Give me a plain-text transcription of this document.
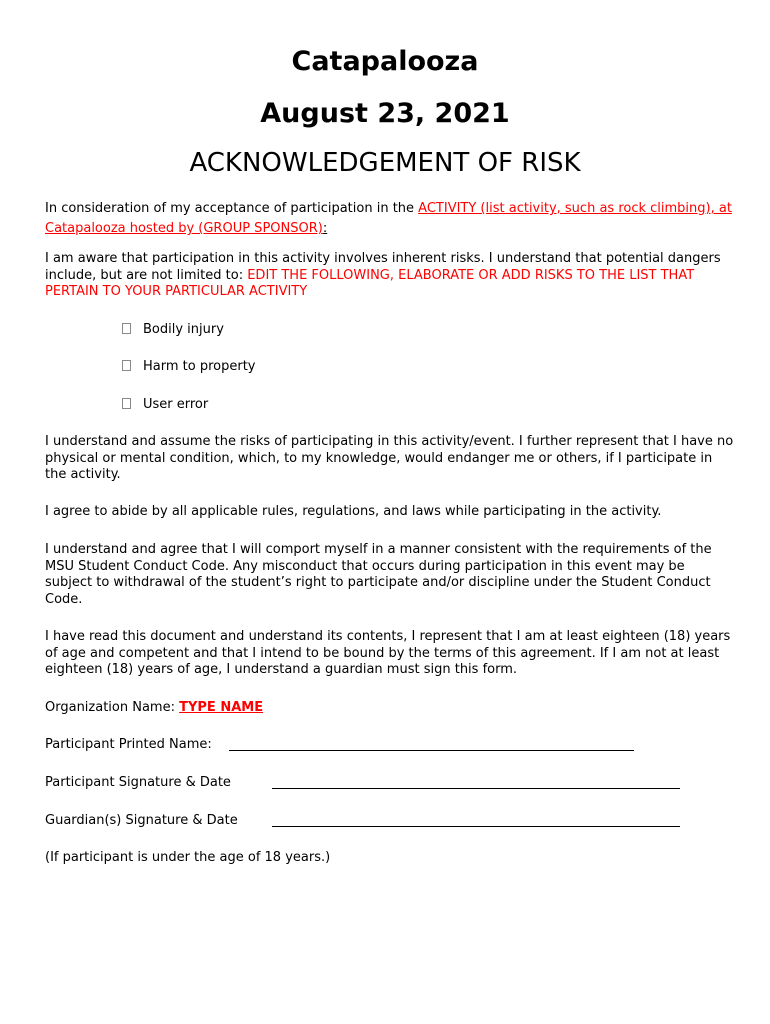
Catapalooza
August 23, 2021
ACKNOWLEDGEMENT OF RISK
In consideration of my acceptance of participation in the ACTIVITY (list activity, such as rock climbing), at Catapalooza hosted by (GROUP SPONSOR):
I am aware that participation in this activity involves inherent risks. I understand that potential dangers include, but are not limited to: EDIT THE FOLLOWING, ELABORATE OR ADD RISKS TO THE LIST THAT PERTAIN TO YOUR PARTICULAR ACTIVITY
Bodily injury
Harm to property
User error
I understand and assume the risks of participating in this activity/event. I further represent that I have no physical or mental condition, which, to my knowledge, would endanger me or others, if I participate in the activity.
I agree to abide by all applicable rules, regulations, and laws while participating in the activity.
I understand and agree that I will comport myself in a manner consistent with the requirements of the MSU Student Conduct Code. Any misconduct that occurs during participation in this event may be subject to withdrawal of the student’s right to participate and/or discipline under the Student Conduct Code.
I have read this document and understand its contents, I represent that I am at least eighteen (18) years of age and competent and that I intend to be bound by the terms of this agreement. If I am not at least eighteen (18) years of age, I understand a guardian must sign this form.
Organization Name: TYPE NAME
Participant Printed Name:
Participant Signature & Date
Guardian(s) Signature & Date
(If participant is under the age of 18 years.)
